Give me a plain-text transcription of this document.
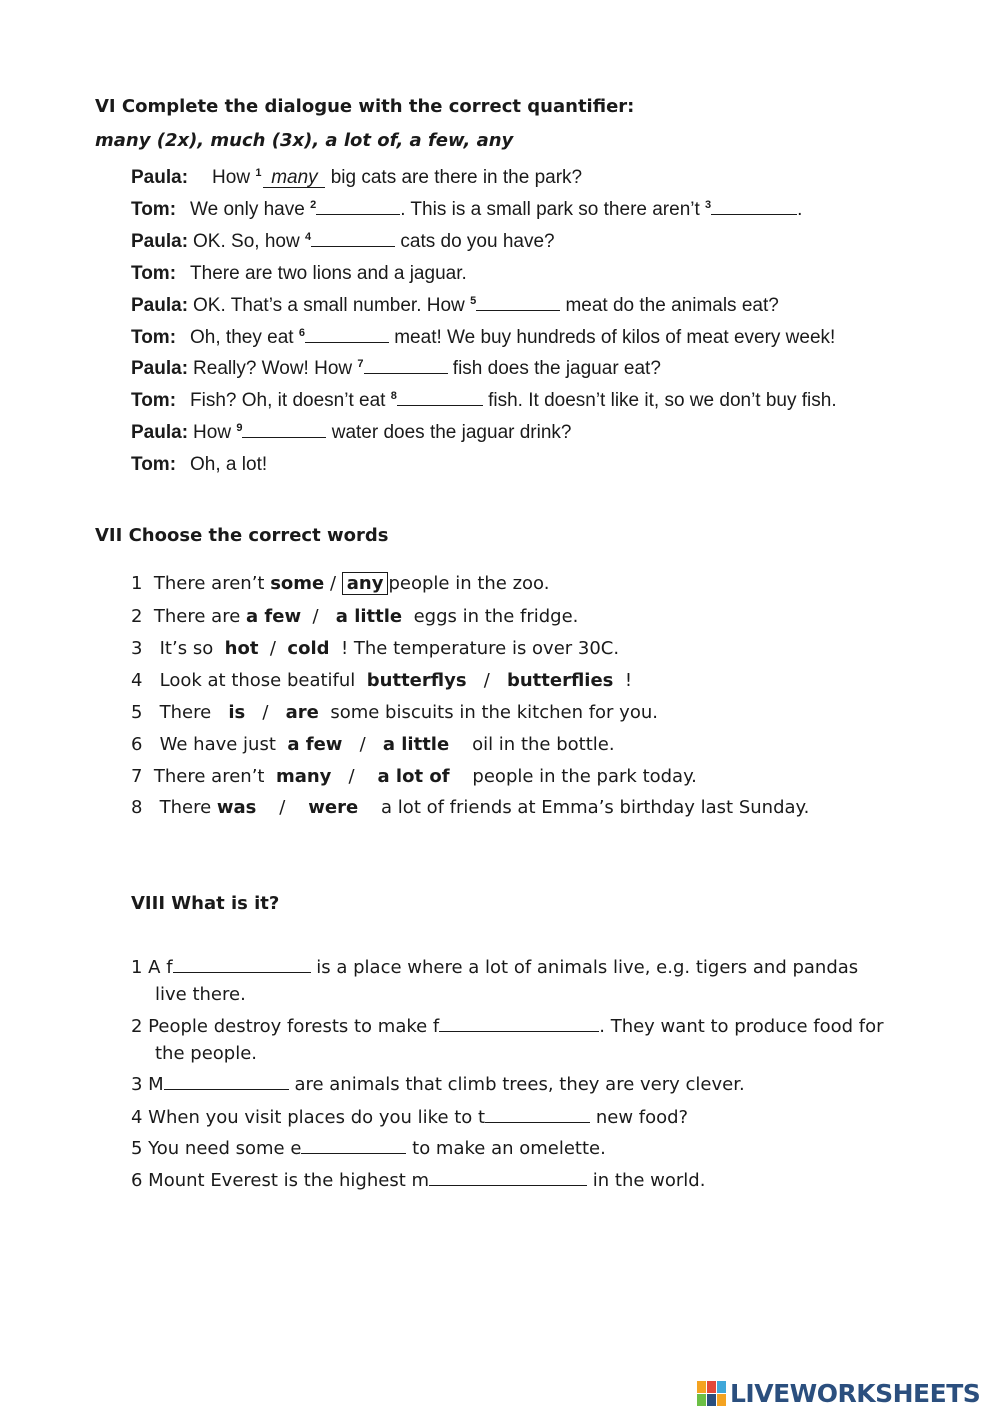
VI Complete the dialogue with the correct quantifier:
many (2x), much (3x), a lot of, a few, any
Paula: How $^1$ many big cats are there in the park?
Tom: We only have $^2$	. This is a small park so there aren’t $^3$	.
Paula: OK. So, how $^4$	cats do you have?
Tom: There are two lions and a jaguar.
Paula: OK. That’s a small number. How $^5$	meat do the animals eat?
Tom: Oh, they eat $^6$	meat! We buy hundreds of kilos of meat every week!
Paula: Really? Wow! How $^7$	fish does the jaguar eat?
Tom: Fish? Oh, it doesn’t eat $^8$	fish. It doesn’t like it, so we don’t buy fish.
Paula: How $^9$	water does the jaguar drink?
Tom: Oh, a lot!
VII Choose the correct words
1 There aren’t some / any people in the zoo.
2 There are a few  /   a little  eggs in the fridge.
3   It’s so  hot  /  cold  ! The temperature is over 30C.
4   Look at those beatiful  butterflys   /   butterflies  !
5   There   is   /   are  some biscuits in the kitchen for you.
6   We have just  a few   /   a little    oil in the bottle.
7 There aren’t  many   /    a lot of    people in the park today.
8   There was    /    were    a lot of friends at Emma’s birthday last Sunday.
VIII What is it?
1 A f	is a place where a lot of animals live, e.g. tigers and pandas
live there.
2 People destroy forests to make f	. They want to produce food for
the people.
3 M	are animals that climb trees, they are very clever.
4 When you visit places do you like to t	new food?
5 You need some e	to make an omelette.
6 Mount Everest is the highest m	in the world.
LIVEWORKSHEETS
